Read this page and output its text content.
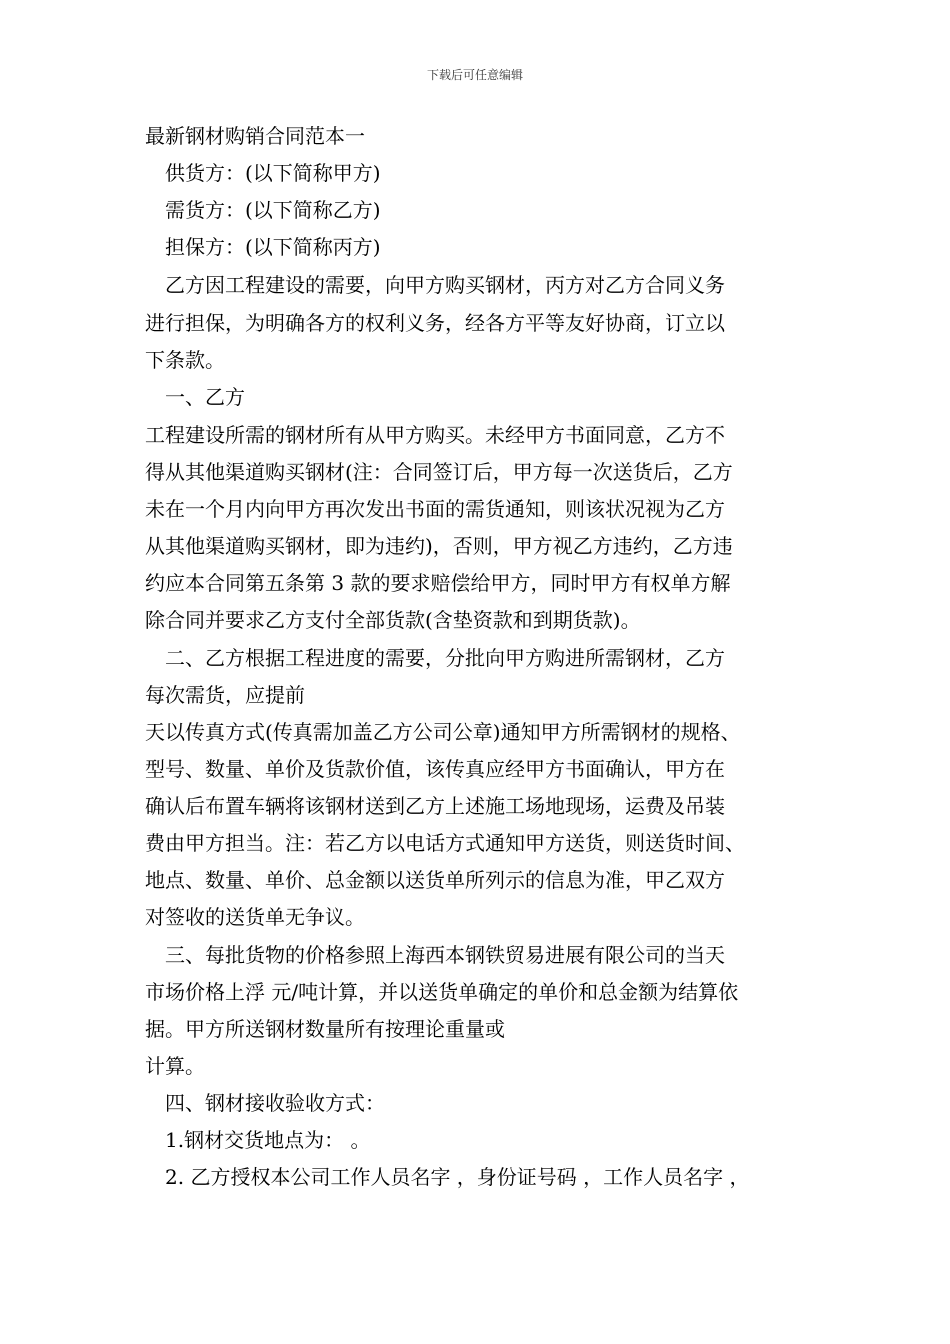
下载后可任意编辑
最新钢材购销合同范本一
供货方：(以下简称甲方)
需货方：(以下简称乙方)
担保方：(以下简称丙方)
乙方因工程建设的需要，向甲方购买钢材，丙方对乙方合同义务
进行担保，为明确各方的权利义务，经各方平等友好协商，订立以
下条款。
一、乙方
工程建设所需的钢材所有从甲方购买。未经甲方书面同意，乙方不
得从其他渠道购买钢材(注：合同签订后，甲方每一次送货后，乙方
未在一个月内向甲方再次发出书面的需货通知，则该状况视为乙方
从其他渠道购买钢材，即为违约)，否则，甲方视乙方违约，乙方违
约应本合同第五条第 3 款的要求赔偿给甲方，同时甲方有权单方解
除合同并要求乙方支付全部货款(含垫资款和到期货款)。
二、乙方根据工程进度的需要，分批向甲方购进所需钢材，乙方
每次需货，应提前
天以传真方式(传真需加盖乙方公司公章)通知甲方所需钢材的规格、
型号、数量、单价及货款价值，该传真应经甲方书面确认，甲方在
确认后布置车辆将该钢材送到乙方上述施工场地现场，运费及吊装
费由甲方担当。注：若乙方以电话方式通知甲方送货，则送货时间、
地点、数量、单价、总金额以送货单所列示的信息为准，甲乙双方
对签收的送货单无争议。
三、每批货物的价格参照上海西本钢铁贸易进展有限公司的当天
市场价格上浮 元/吨计算，并以送货单确定的单价和总金额为结算依
据。甲方所送钢材数量所有按理论重量或
计算。
四、钢材接收验收方式：
1.钢材交货地点为： 。
2. 乙方授权本公司工作人员名字 ，身份证号码 ，工作人员名字 ，
